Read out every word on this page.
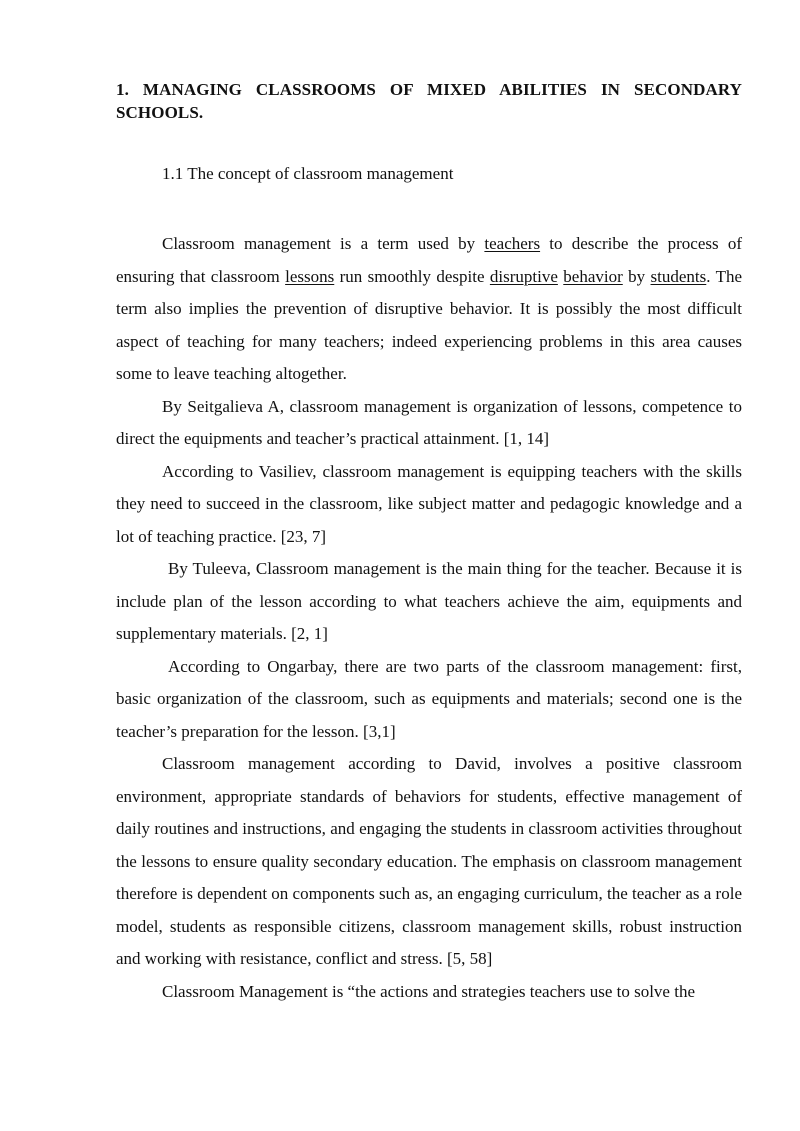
1. MANAGING CLASSROOMS OF MIXED ABILITIES IN SECONDARY SCHOOLS.

1.1 The concept of classroom management

Classroom management is a term used by teachers to describe the process of ensuring that classroom lessons run smoothly despite disruptive behavior by students. The term also implies the prevention of disruptive behavior. It is possibly the most difficult aspect of teaching for many teachers; indeed experiencing problems in this area causes some to leave teaching altogether.

By Seitgalieva A, classroom management is organization of lessons, competence to direct the equipments and teacher’s practical attainment. [1, 14]

According to Vasiliev, classroom management is equipping teachers with the skills they need to succeed in the classroom, like subject matter and pedagogic knowledge and a lot of teaching practice. [23, 7]

By Tuleeva, Classroom management is the main thing for the teacher. Because it is include plan of the lesson according to what teachers achieve the aim, equipments and supplementary materials. [2, 1]

According to Ongarbay, there are two parts of the classroom management: first, basic organization of the classroom, such as equipments and materials; second one is the teacher’s preparation for the lesson. [3,1]

Classroom management according to David, involves a positive classroom environment, appropriate standards of behaviors for students, effective management of daily routines and instructions, and engaging the students in classroom activities throughout the lessons to ensure quality secondary education. The emphasis on classroom management therefore is dependent on components such as, an engaging curriculum, the teacher as a role model, students as responsible citizens, classroom management skills, robust instruction and working with resistance, conflict and stress. [5, 58]

Classroom Management is “the actions and strategies teachers use to solve the
